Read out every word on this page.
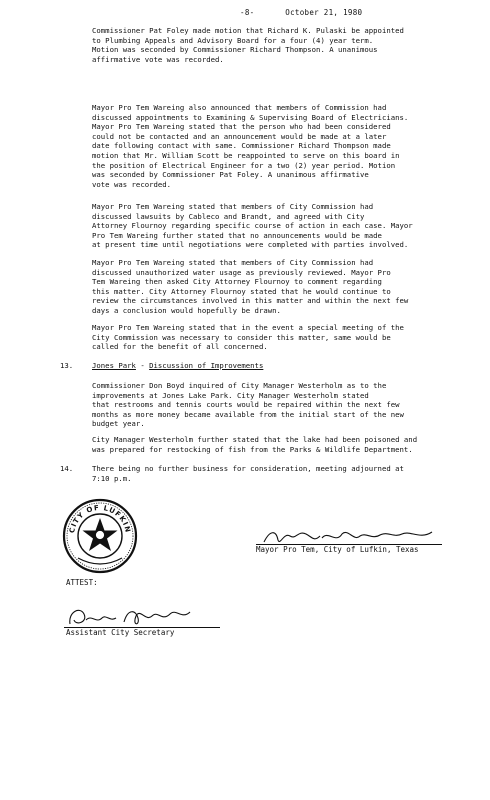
-8-	October 21, 1980
Commissioner Pat Foley made motion that Richard K. Pulaski be appointed
to Plumbing Appeals and Advisory Board for a four (4) year term.
Motion was seconded by Commissioner Richard Thompson. A unanimous
affirmative vote was recorded.
Mayor Pro Tem Wareing also announced that members of Commission had
discussed appointments to Examining & Supervising Board of Electricians.
Mayor Pro Tem Wareing stated that the person who had been considered
could not be contacted and an announcement would be made at a later
date following contact with same. Commissioner Richard Thompson made
motion that Mr. William Scott be reappointed to serve on this board in
the position of Electrical Engineer for a two (2) year period. Motion
was seconded by Commissioner Pat Foley. A unanimous affirmative
vote was recorded.
Mayor Pro Tem Wareing stated that members of City Commission had
discussed lawsuits by Cableco and Brandt, and agreed with City
Attorney Flournoy regarding specific course of action in each case. Mayor
Pro Tem Wareing further stated that no announcements would be made
at present time until negotiations were completed with parties involved.
Mayor Pro Tem Wareing stated that members of City Commission had
discussed unauthorized water usage as previously reviewed. Mayor Pro
Tem Wareing then asked City Attorney Flournoy to comment regarding
this matter. City Attorney Flournoy stated that he would continue to
review the circumstances involved in this matter and within the next few
days a conclusion would hopefully be drawn.
Mayor Pro Tem Wareing stated that in the event a special meeting of the
City Commission was necessary to consider this matter, same would be
called for the benefit of all concerned.
13.	Jones Park - Discussion of Improvements
Commissioner Don Boyd inquired of City Manager Westerholm as to the
improvements at Jones Lake Park. City Manager Westerholm stated
that restrooms and tennis courts would be repaired within the next few
months as more money became available from the initial start of the new
budget year.
City Manager Westerholm further stated that the lake had been poisoned and
was prepared for restocking of fish from the Parks & Wildlife Department.
14.	There being no further business for consideration, meeting adjourned at
7:10 p.m.
CITY OF LUFKIN
Mayor Pro Tem, City of Lufkin, Texas
ATTEST:
Assistant City Secretary
